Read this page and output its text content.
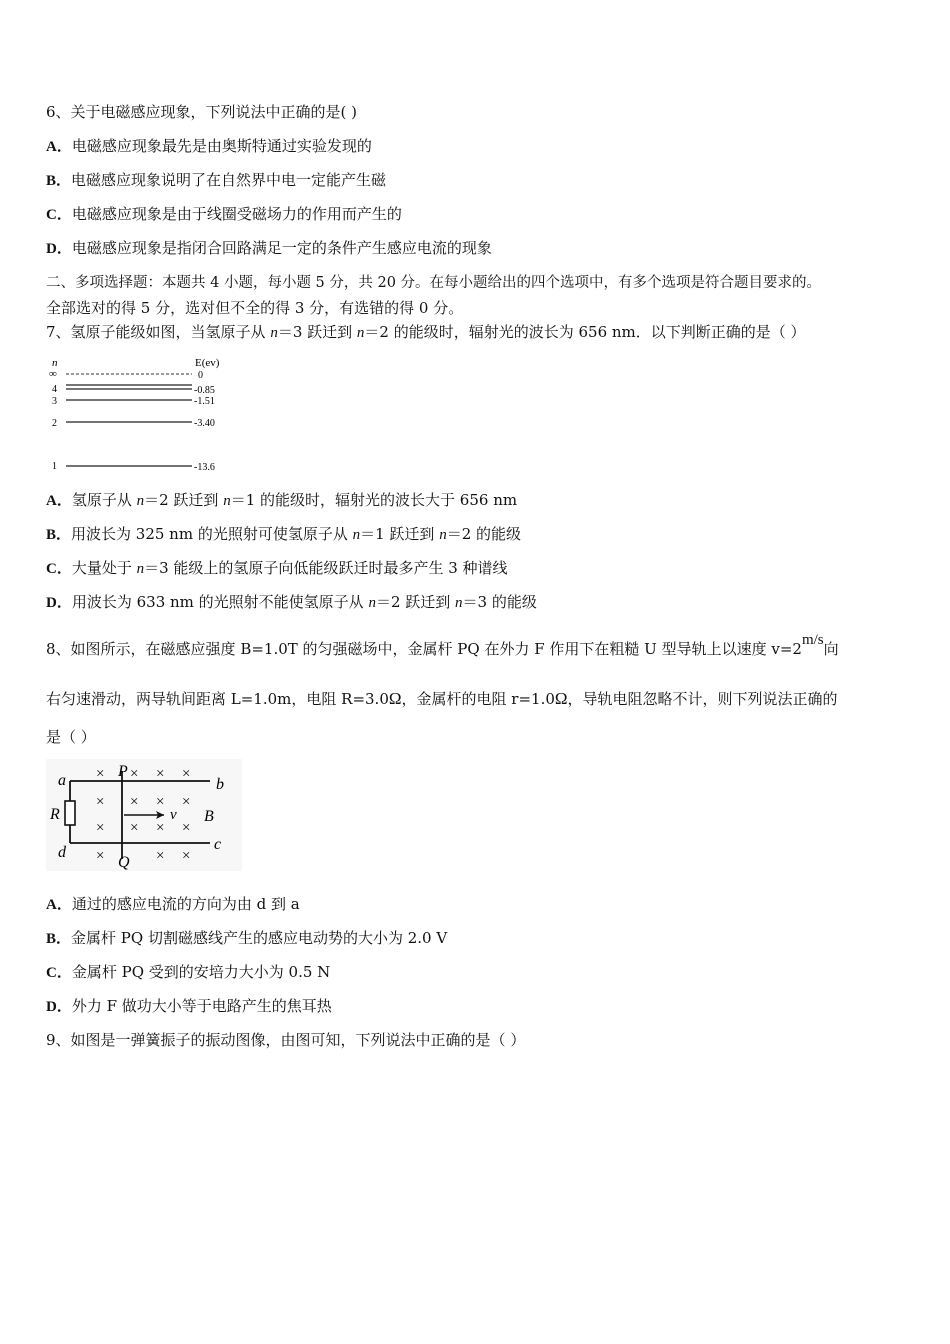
6、关于电磁感应现象，下列说法中正确的是( )
A．电磁感应现象最先是由奥斯特通过实验发现的
B．电磁感应现象说明了在自然界中电一定能产生磁
C．电磁感应现象是由于线圈受磁场力的作用而产生的
D．电磁感应现象是指闭合回路满足一定的条件产生感应电流的现象
二、多项选择题：本题共 4 小题，每小题 5 分，共 20 分。在每小题给出的四个选项中，有多个选项是符合题目要求的。
全部选对的得 5 分，选对但不全的得 3 分，有选错的得 0 分。
7、氢原子能级如图，当氢原子从 n＝3 跃迁到 n＝2 的能级时，辐射光的波长为 656 nm．以下判断正确的是（ ）
n	E(ev)
∞	0
4	-0.85
3	-1.51
2	-3.40
1	-13.6
A．氢原子从 n＝2 跃迁到 n＝1 的能级时，辐射光的波长大于 656 nm
B．用波长为 325 nm 的光照射可使氢原子从 n＝1 跃迁到 n＝2 的能级
C．大量处于 n＝3 能级上的氢原子向低能级跃迁时最多产生 3 种谱线
D．用波长为 633 nm 的光照射不能使氢原子从 n＝2 跃迁到 n＝3 的能级
8、如图所示，在磁感应强度 B=1.0T 的匀强磁场中，金属杆 PQ 在外力 F 作用下在粗糙 U 型导轨上以速度 v=2m/s向
右匀速滑动，两导轨间距离 L=1.0m，电阻 R=3.0Ω，金属杆的电阻 r=1.0Ω，导轨电阻忽略不计，则下列说法正确的
是（ ）
a	b
c
d
P
Q
R	v B
× × × ×
× × × ×
× × × ×
×	× ×
A．通过的感应电流的方向为由 d 到 a
B．金属杆 PQ 切割磁感线产生的感应电动势的大小为 2.0 V
C．金属杆 PQ 受到的安培力大小为 0.5 N
D．外力 F 做功大小等于电路产生的焦耳热
9、如图是一弹簧振子的振动图像，由图可知，下列说法中正确的是（ ）
